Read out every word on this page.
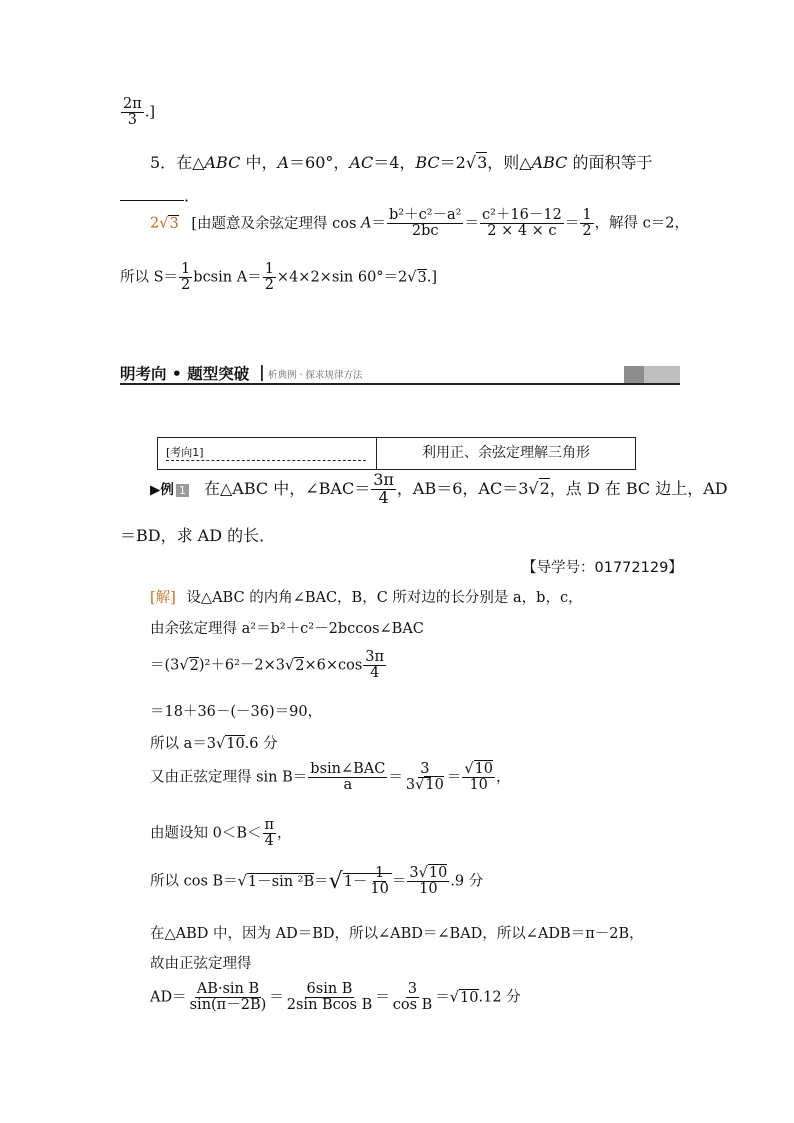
$\frac{2\pi}{3}$ .]
5．在△ABC 中，A＝60°，AC＝4，BC＝2√3，则△ABC 的面积等于
．
2√3 [由题意及余弦定理得 $\cos A= \frac{\text{b²＋c²－a²}}{2bc} = \frac{\text{c²＋16－12}}{2 \times 4 \times c} = \frac{1}{2}$ ，解得 c＝2，
所以 $S= \frac{1}{2}$ bcsin $A= \frac{1}{2} \times 4\times 2\times\sin$ 60°＝2√3.]
明考向 • 题型突破 | 析典例 · 探求规律方法
[考向1]	利用正、余弦定理解三角形
▶例 1 在△ABC 中，∠BAC＝ $\frac{3\pi}{4}$ ，AB＝6，AC＝3√2，点 D 在 BC 边上，AD
＝BD，求 AD 的长．
【导学号：01772129】
[解] 设△ABC 的内角∠BAC，B，C 所对边的长分别是 a，b，c，
由余弦定理得 a²＝b²＋c²－2bccos∠BAC
$=(3√2)^2+6^2-2\times 3√2\times 6\times\cos \frac{3\pi}{4}$
＝18＋36－(－36)＝90，
所以 a＝3√10.6 分
又由正弦定理得 $\sin B= \frac{\text{bsin∠BAC}}{a} = \frac{3}{3√10} = \frac{√10}{10}$ ，
由题设知 $0<B< \frac{\pi}{4}$ ，
所以 cos B＝√1－sin $^2B=√1- \frac{1}{10} = \frac{3√10}{10} .9$ 分
在△ABD 中，因为 AD＝BD，所以∠ABD＝∠BAD，所以∠ADB＝π－2B，
故由正弦定理得
$AD= \frac{\text{AB·sin B}}{\sin(\pi-2B)} = \frac{\text{6sin B}}{\text{2sin Bcos B}} = \frac{3}{\text{cos B}} =√10.12$ 分
